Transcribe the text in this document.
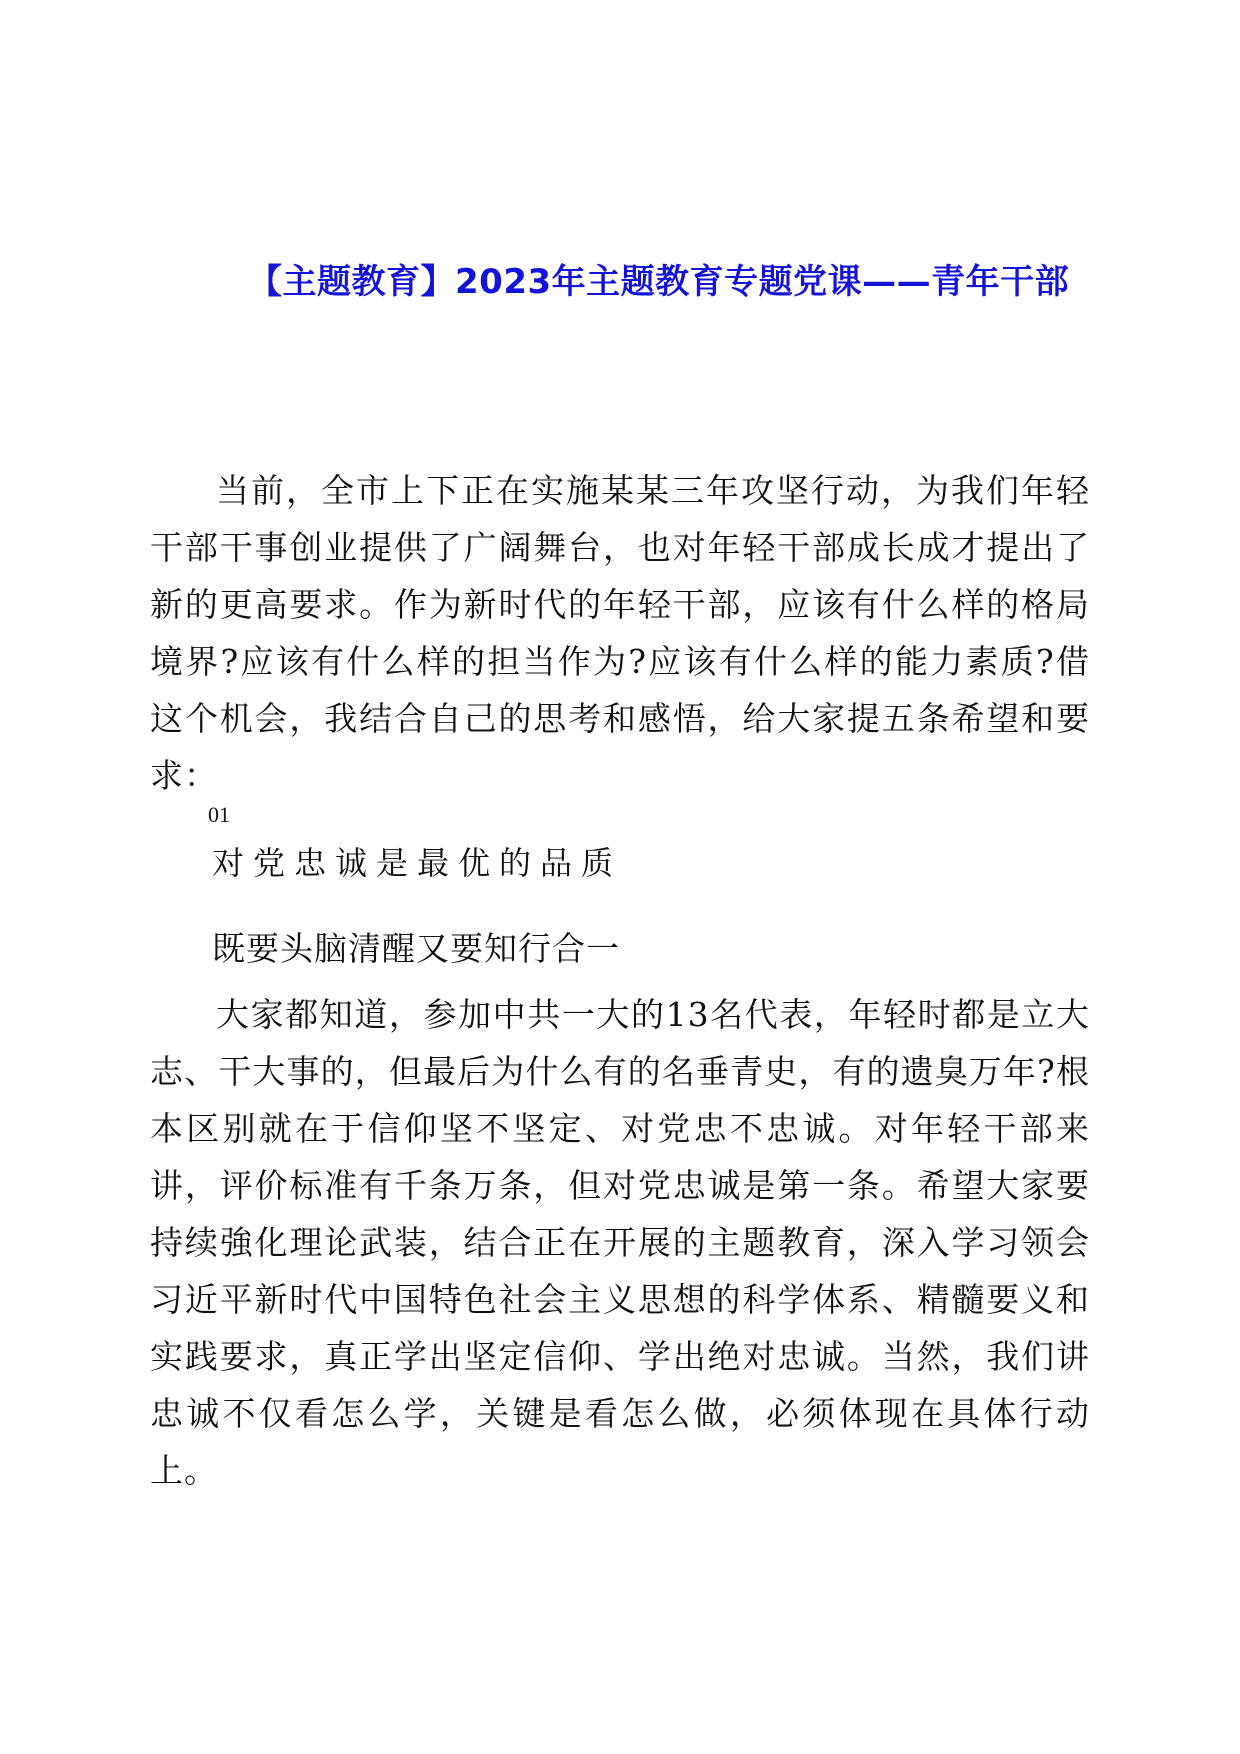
【主题教育】2023年主题教育专题党课——青年干部

当前，全市上下正在实施某某三年攻坚行动，为我们年轻干部干事创业提供了广阔舞台，也对年轻干部成长成才提出了新的更高要求。作为新时代的年轻干部，应该有什么样的格局境界?应该有什么样的担当作为?应该有什么样的能力素质?借这个机会，我结合自己的思考和感悟，给大家提五条希望和要求：

01
对党忠诚是最优的品质
既要头脑清醒又要知行合一

大家都知道，参加中共一大的13名代表，年轻时都是立大志、干大事的，但最后为什么有的名垂青史，有的遗臭万年?根本区别就在于信仰坚不坚定、对党忠不忠诚。对年轻干部来讲，评价标准有千条万条，但对党忠诚是第一条。希望大家要持续強化理论武装，结合正在开展的主题教育，深入学习领会习近平新时代中国特色社会主义思想的科学体系、精髓要义和实践要求，真正学出坚定信仰、学出绝对忠诚。当然，我们讲忠诚不仅看怎么学，关键是看怎么做，必须体现在具体行动上。
